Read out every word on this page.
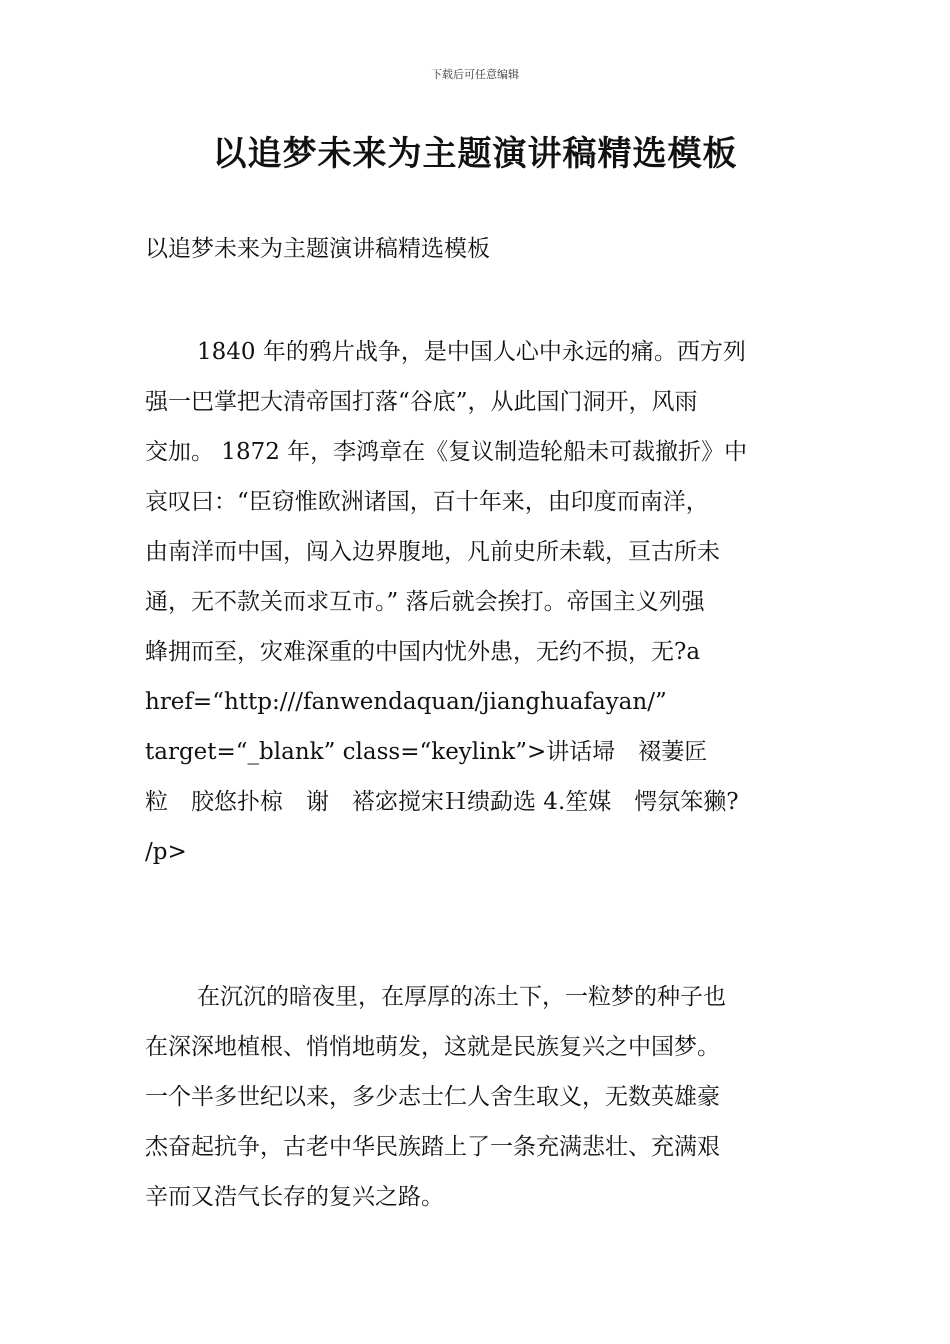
下载后可任意编辑
以追梦未来为主题演讲稿精选模板
以追梦未来为主题演讲稿精选模板
1840 年的鸦片战争，是中国人心中永远的痛。西方列
强一巴掌把大清帝国打落“谷底”，从此国门洞开，风雨
交加。 1872 年，李鸿章在《复议制造轮船未可裁撤折》中
哀叹曰：“臣窃惟欧洲诸国，百十年来，由印度而南洋，
由南洋而中国，闯入边界腹地，凡前史所未载，亘古所未
通，无不款关而求互市。” 落后就会挨打。帝国主义列强
蜂拥而至，灾难深重的中国内忧外患，无约不损，无?a
href=“http:///fanwendaquan/jianghuafayan/”
target=“_blank” class=“keylink”>讲话埽　裰萋匠
粒　胶悠扑椋　谢　褡宓搅宋Ｈ缋勐选 4.笙媒　愕氛笨獭?
/p>
在沉沉的暗夜里，在厚厚的冻土下，一粒梦的种子也
在深深地植根、悄悄地萌发，这就是民族复兴之中国梦。
一个半多世纪以来，多少志士仁人舍生取义，无数英雄豪
杰奋起抗争，古老中华民族踏上了一条充满悲壮、充满艰
辛而又浩气长存的复兴之路。
